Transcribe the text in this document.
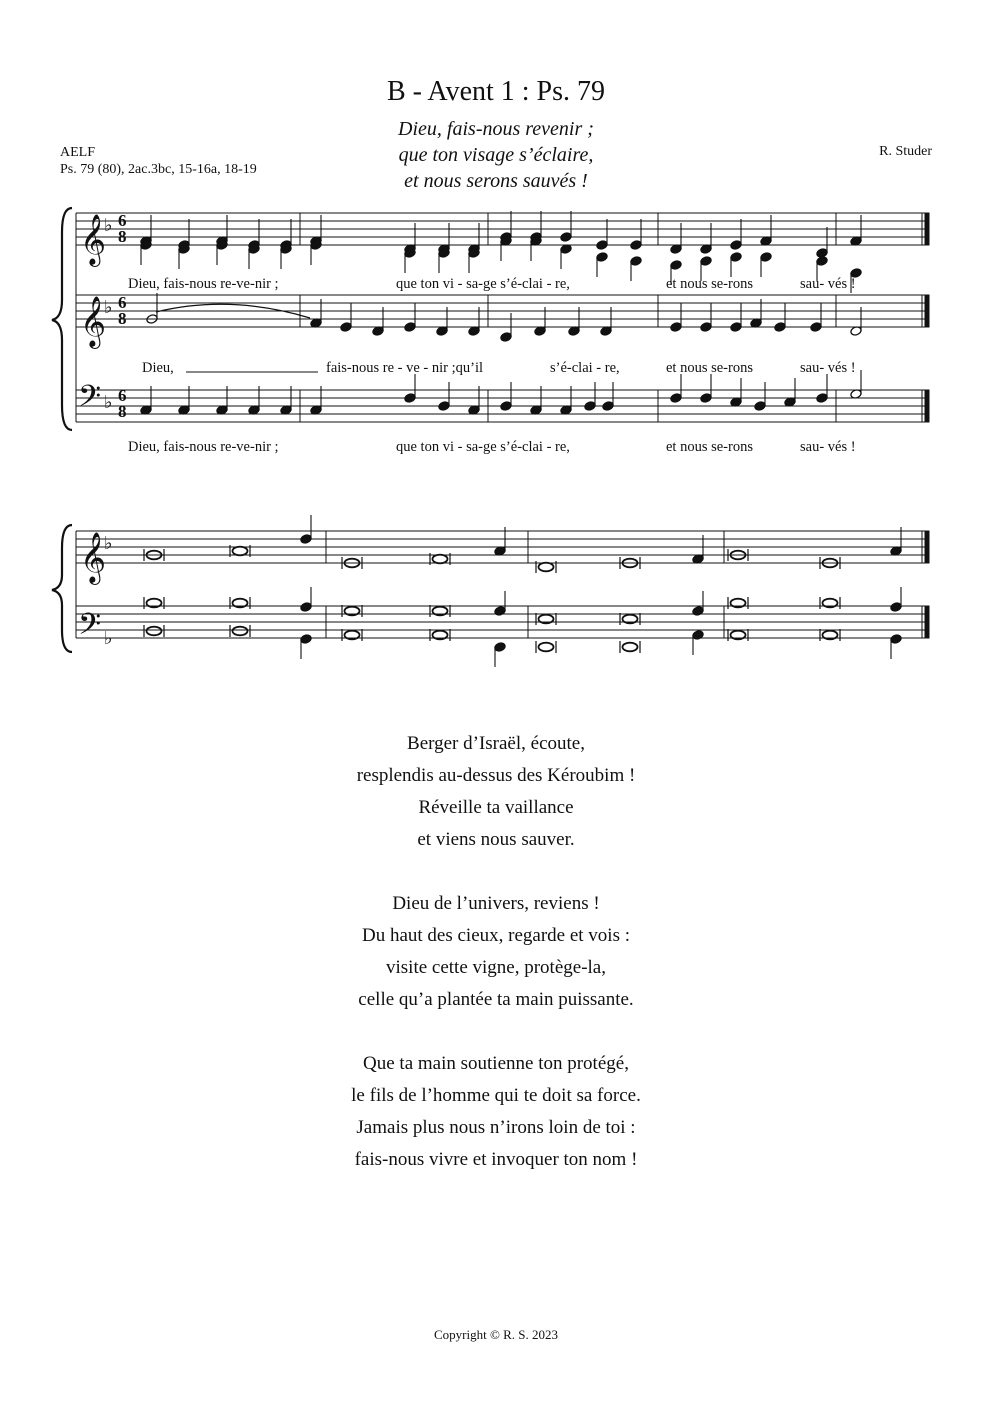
B - Avent 1 : Ps. 79
Dieu, fais-nous revenir ;
que ton visage s’éclaire,
et nous serons sauvés !
AELF
Ps. 79 (80), 2ac.3bc, 15-16a, 18-19
R. Studer
𝄞
𝄞
𝄢
𝄞
𝄢
♭
♭
♭
♭
♭
6
8
6
8
6
8
Dieu, fais-nous re-ve-nir ;	que ton vi - sa-ge s’é-clai - re,	et nous se-rons	sau- vés !
Dieu,	fais-nous re - ve - nir ;qu’il	s’é-clai - re,	et nous se-rons	sau- vés !
Dieu, fais-nous re-ve-nir ;	que ton vi - sa-ge s’é-clai - re,	et nous se-rons	sau- vés !
Berger d’Israël, écoute,
resplendis au-dessus des Kéroubim !
Réveille ta vaillance
et viens nous sauver.
Dieu de l’univers, reviens !
Du haut des cieux, regarde et vois :
visite cette vigne, protège-la,
celle qu’a plantée ta main puissante.
Que ta main soutienne ton protégé,
le fils de l’homme qui te doit sa force.
Jamais plus nous n’irons loin de toi :
fais-nous vivre et invoquer ton nom !
Copyright © R. S. 2023
